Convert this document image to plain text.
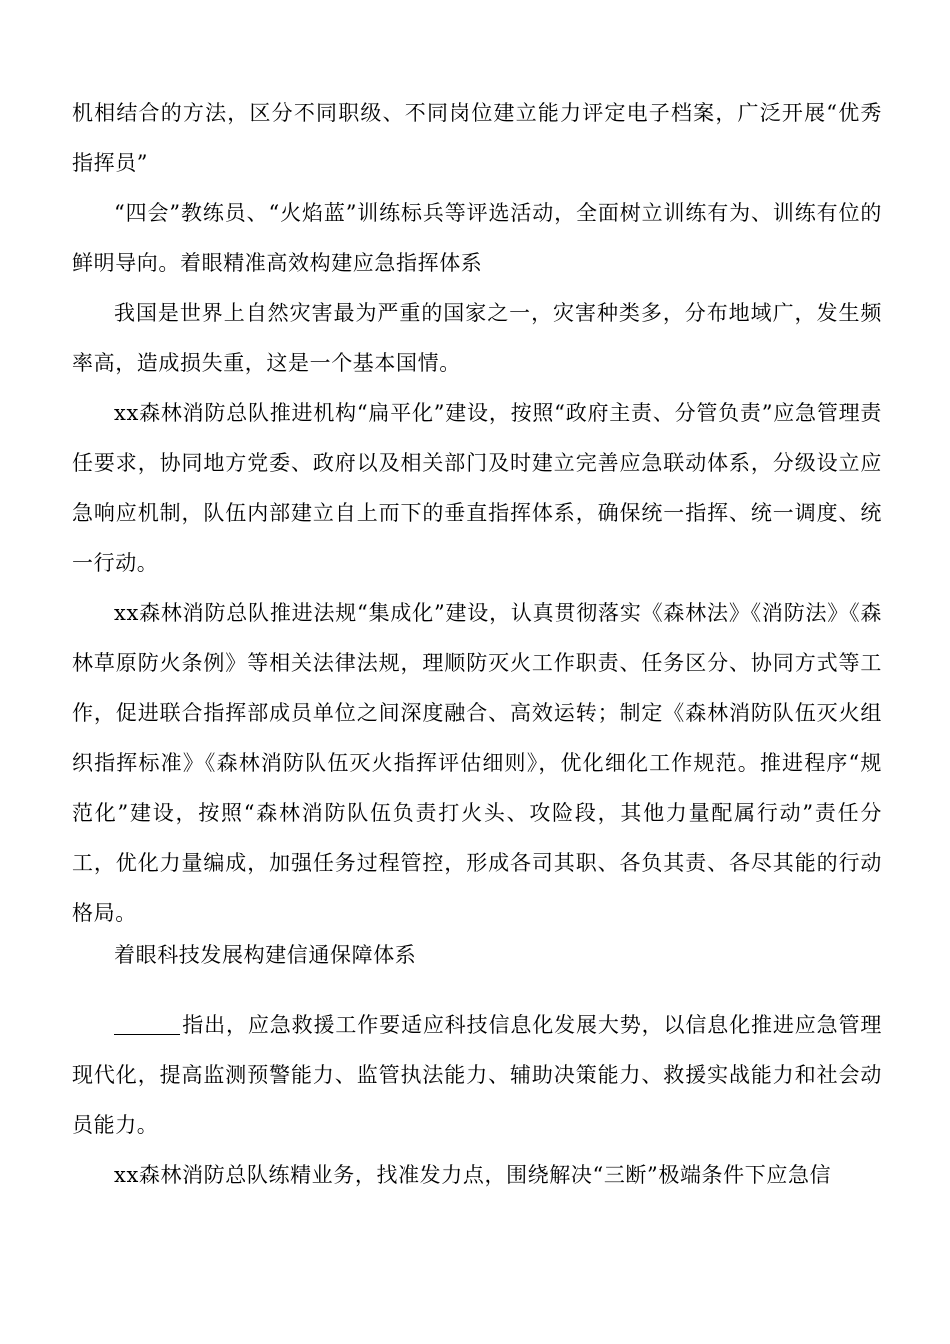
机相结合的方法，区分不同职级、不同岗位建立能力评定电子档案，广泛开展“优秀指挥员”

“四会”教练员、“火焰蓝”训练标兵等评选活动，全面树立训练有为、训练有位的鲜明导向。着眼精准高效构建应急指挥体系

我国是世界上自然灾害最为严重的国家之一，灾害种类多，分布地域广，发生频率高，造成损失重，这是一个基本国情。

xx森林消防总队推进机构“扁平化”建设，按照“政府主责、分管负责”应急管理责任要求，协同地方党委、政府以及相关部门及时建立完善应急联动体系，分级设立应急响应机制，队伍内部建立自上而下的垂直指挥体系，确保统一指挥、统一调度、统一行动。

xx森林消防总队推进法规“集成化”建设，认真贯彻落实《森林法》《消防法》《森林草原防火条例》等相关法律法规，理顺防灭火工作职责、任务区分、协同方式等工作，促进联合指挥部成员单位之间深度融合、高效运转；制定《森林消防队伍灭火组织指挥标准》《森林消防队伍灭火指挥评估细则》，优化细化工作规范。推进程序“规范化”建设，按照“森林消防队伍负责打火头、攻险段，其他力量配属行动”责任分工，优化力量编成，加强任务过程管控，形成各司其职、各负其责、各尽其能的行动格局。

着眼科技发展构建信通保障体系

指出，应急救援工作要适应科技信息化发展大势，以信息化推进应急管理现代化，提高监测预警能力、监管执法能力、辅助决策能力、救援实战能力和社会动员能力。

xx森林消防总队练精业务，找准发力点，围绕解决“三断”极端条件下应急信
